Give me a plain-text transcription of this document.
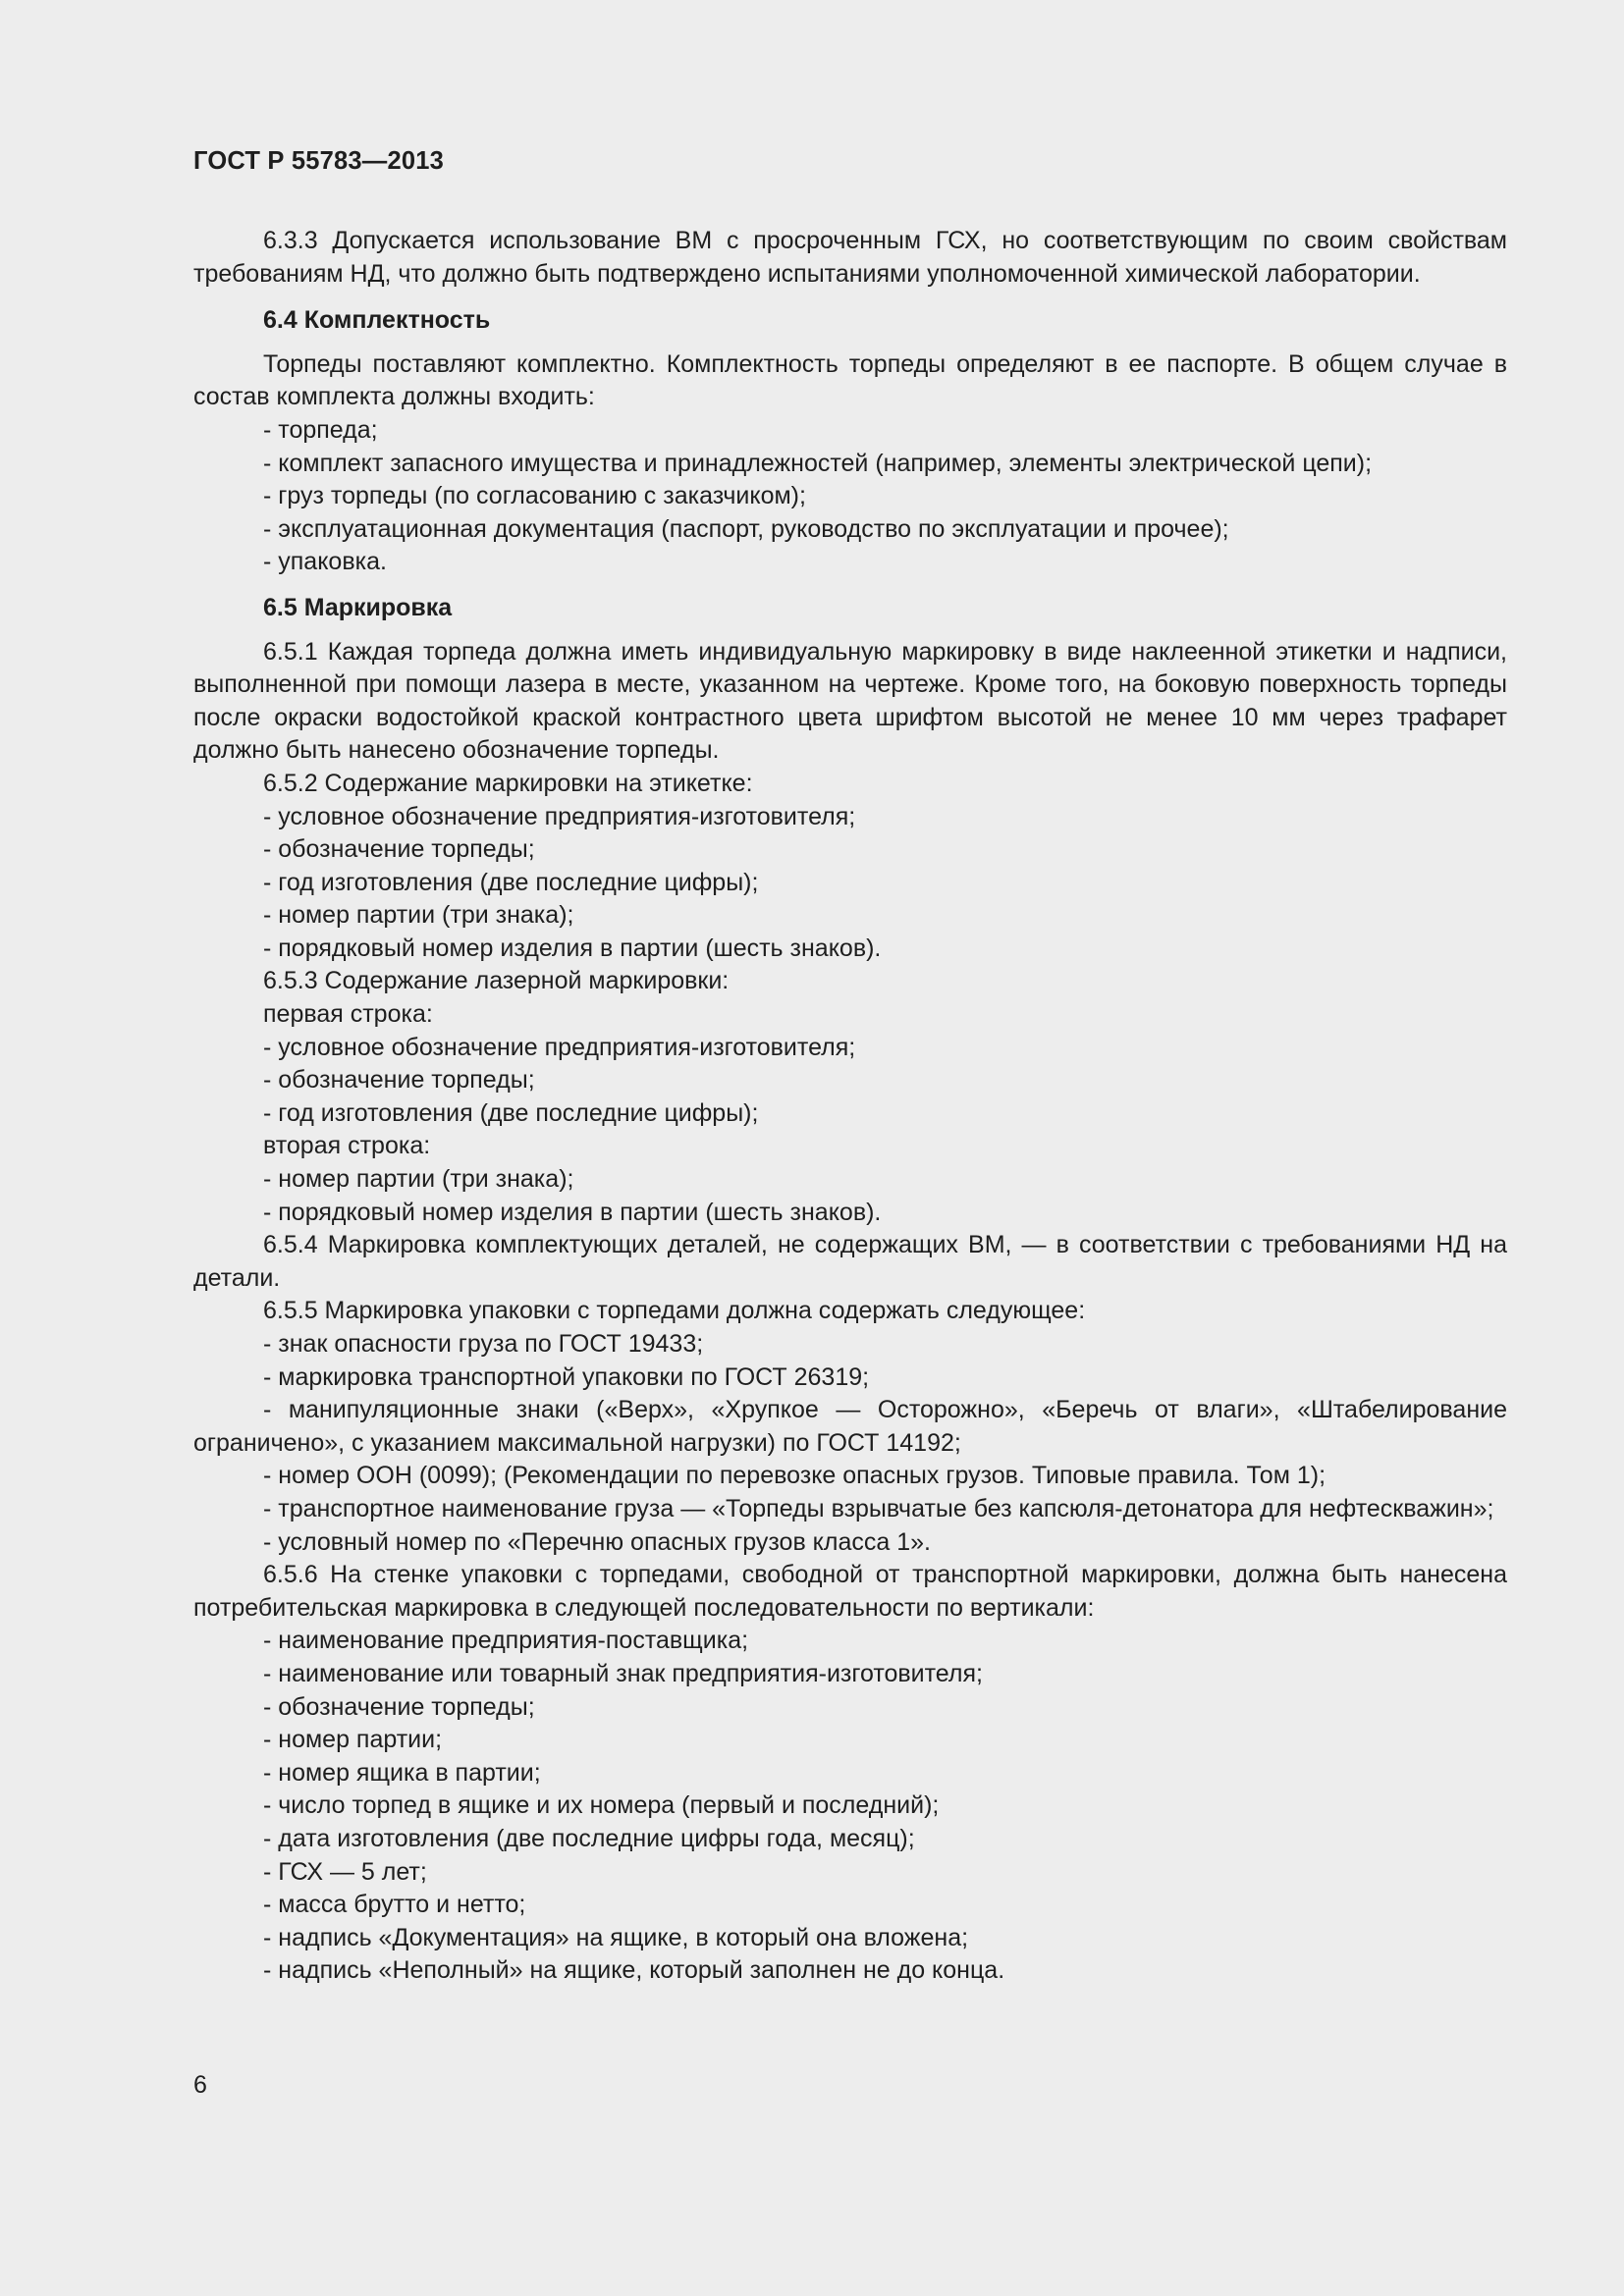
ГОСТ Р 55783—2013

6.3.3 Допускается использование ВМ с просроченным ГСХ, но соответствующим по своим свойствам требованиям НД, что должно быть подтверждено испытаниями уполномоченной химической лаборатории.

6.4 Комплектность

Торпеды поставляют комплектно. Комплектность торпеды определяют в ее паспорте. В общем случае в состав комплекта должны входить:

- торпеда;

- комплект запасного имущества и принадлежностей (например, элементы электрической цепи);

- груз торпеды (по согласованию с заказчиком);

- эксплуатационная документация (паспорт, руководство по эксплуатации и прочее);

- упаковка.

6.5 Маркировка

6.5.1 Каждая торпеда должна иметь индивидуальную маркировку в виде наклеенной этикетки и надписи, выполненной при помощи лазера в месте, указанном на чертеже. Кроме того, на боковую поверхность торпеды после окраски водостойкой краской контрастного цвета шрифтом высотой не менее 10 мм через трафарет должно быть нанесено обозначение торпеды.

6.5.2 Содержание маркировки на этикетке:

- условное обозначение предприятия-изготовителя;

- обозначение торпеды;

- год изготовления (две последние цифры);

- номер партии (три знака);

- порядковый номер изделия в партии (шесть знаков).

6.5.3 Содержание лазерной маркировки:

первая строка:

- условное обозначение предприятия-изготовителя;

- обозначение торпеды;

- год изготовления (две последние цифры);

вторая строка:

- номер партии (три знака);

- порядковый номер изделия в партии (шесть знаков).

6.5.4 Маркировка комплектующих деталей, не содержащих ВМ, — в соответствии с требованиями НД на детали.

6.5.5 Маркировка упаковки с торпедами должна содержать следующее:

- знак опасности груза по ГОСТ 19433;

- маркировка транспортной упаковки по ГОСТ 26319;

- манипуляционные знаки («Верх», «Хрупкое — Осторожно», «Беречь от влаги», «Штабелирование ограничено», с указанием максимальной нагрузки) по ГОСТ 14192;

- номер ООН (0099); (Рекомендации по перевозке опасных грузов. Типовые правила. Том 1);

- транспортное наименование груза — «Торпеды взрывчатые без капсюля-детонатора для нефтескважин»;

- условный номер по «Перечню опасных грузов класса 1».

6.5.6 На стенке упаковки с торпедами, свободной от транспортной маркировки, должна быть нанесена потребительская маркировка в следующей последовательности по вертикали:

- наименование предприятия-поставщика;

- наименование или товарный знак предприятия-изготовителя;

- обозначение торпеды;

- номер партии;

- номер ящика в партии;

- число торпед в ящике и их номера (первый и последний);

- дата изготовления (две последние цифры года, месяц);

- ГСХ — 5 лет;

- масса брутто и нетто;

- надпись «Документация» на ящике, в который она вложена;

- надпись «Неполный» на ящике, который заполнен не до конца.

6
